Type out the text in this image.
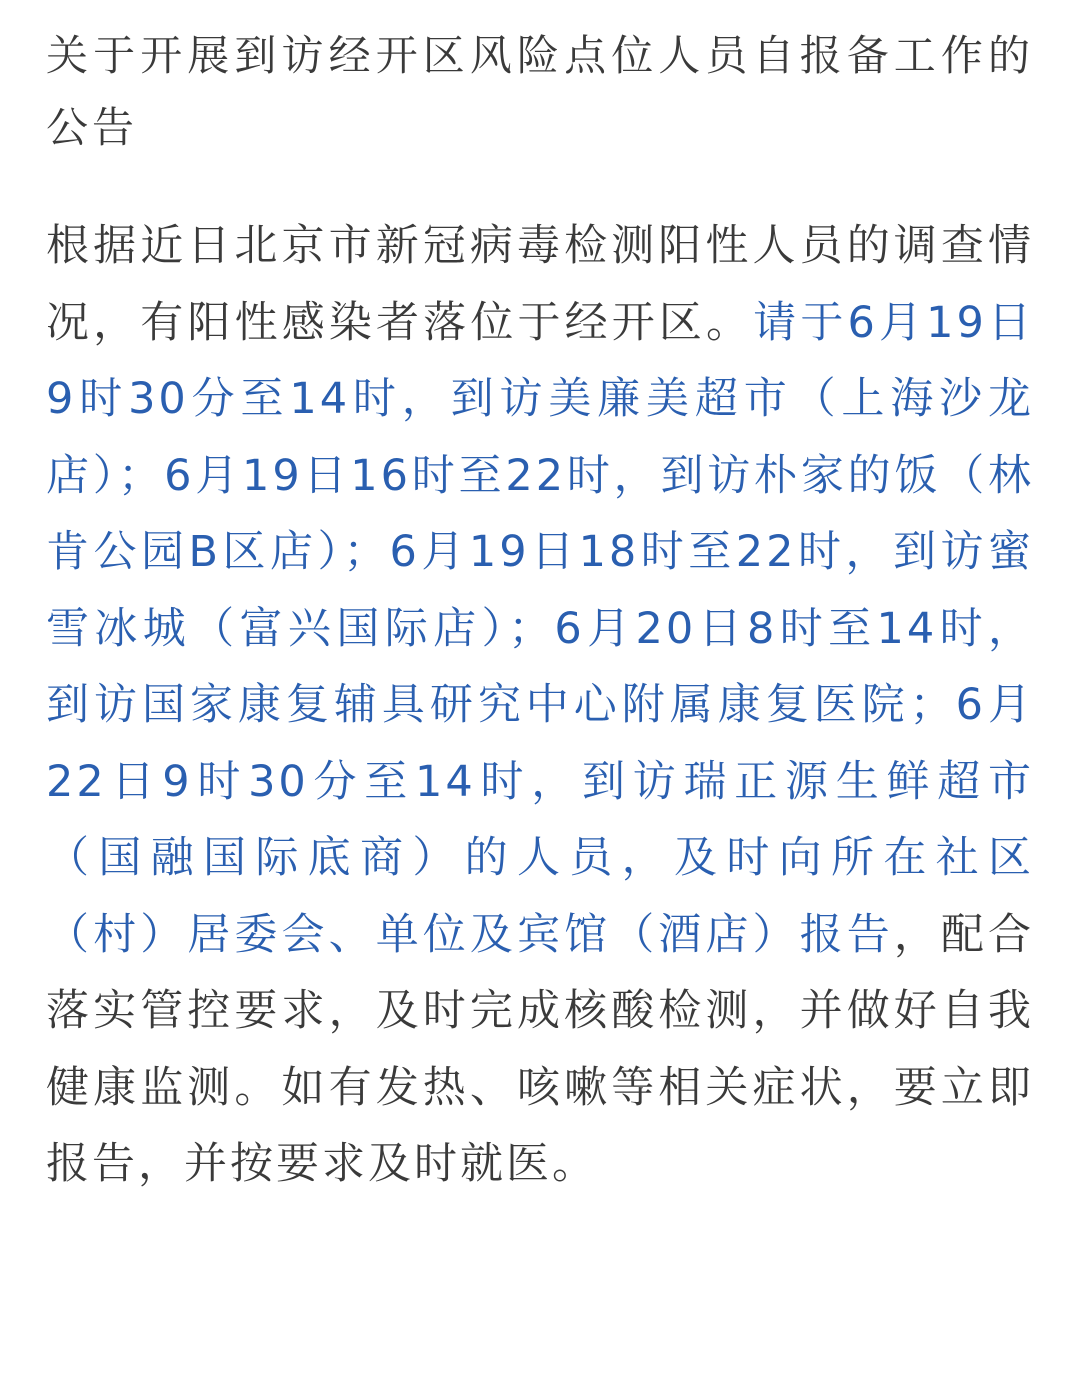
关于开展到访经开区风险点位人员自报备工作的公告

根据近日北京市新冠病毒检测阳性人员的调查情况，有阳性感染者落位于经开区。请于6月19日9时30分至14时，到访美廉美超市（上海沙龙店）；6月19日16时至22时，到访朴家的饭（林肯公园B区店）；6月19日18时至22时，到访蜜雪冰城（富兴国际店）；6月20日8时至14时，到访国家康复辅具研究中心附属康复医院；6月22日9时30分至14时，到访瑞正源生鲜超市（国融国际底商）的人员，及时向所在社区（村）居委会、单位及宾馆（酒店）报告，配合落实管控要求，及时完成核酸检测，并做好自我健康监测。如有发热、咳嗽等相关症状，要立即报告，并按要求及时就医。
